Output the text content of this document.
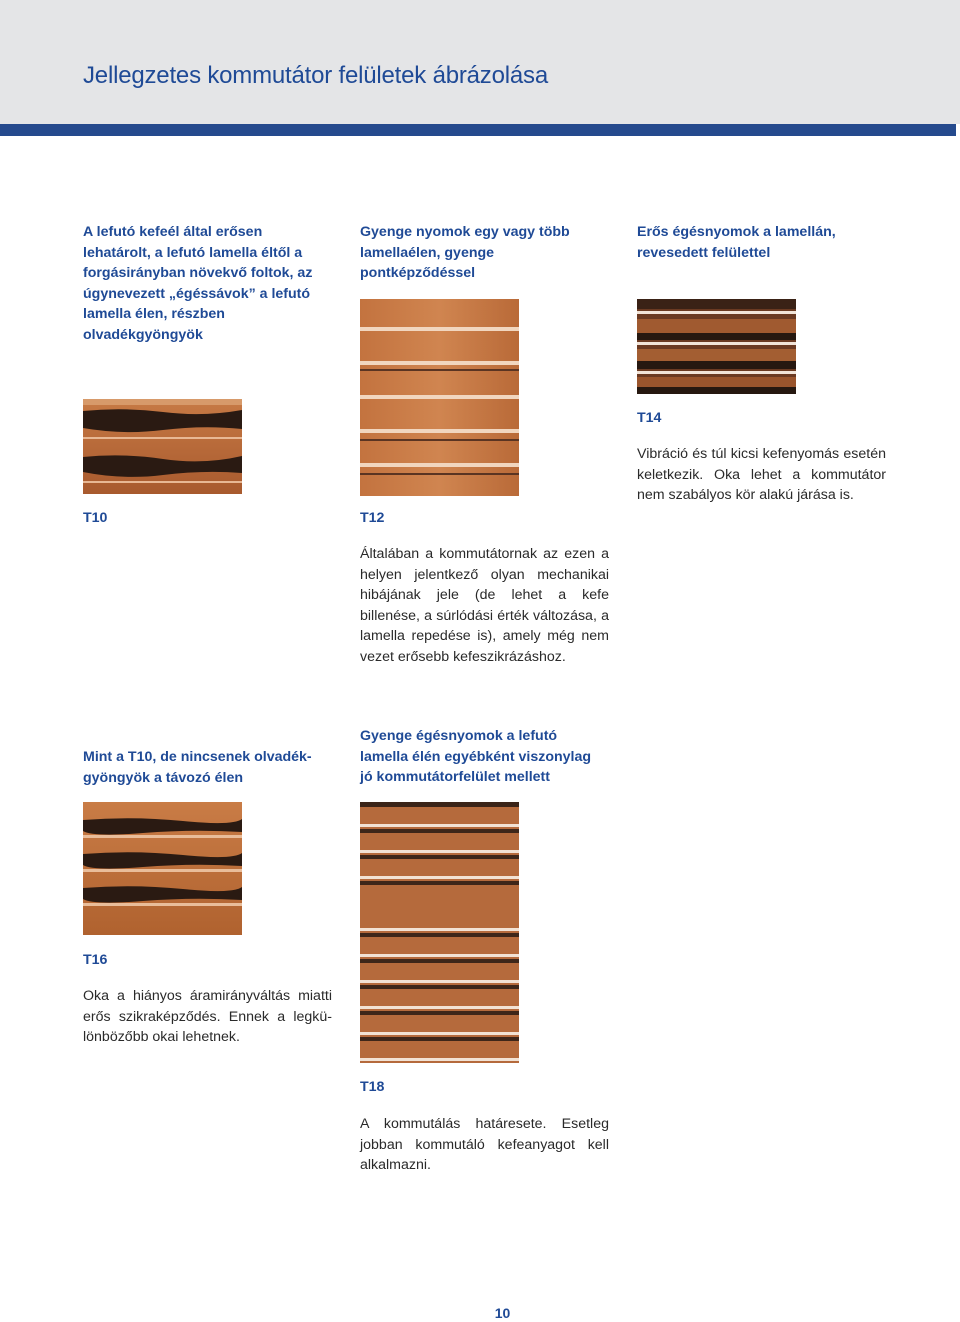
Jellegzetes kommutátor felületek ábrázolása
A lefutó kefeél által erősen
lehatárolt, a lefutó lamella éltől a
forgásirányban növekvő foltok, az
úgynevezett „égéssávok” a lefutó
lamella élen, részben
olvadékgyöngyök
T10
Gyenge nyomok egy vagy több
lamellaélen, gyenge
pontképződéssel
T12

Általában a kommutátornak az ezen a helyen jelentkező olyan mechanikai hibájának jele (de lehet a kefe billenése, a súrlódási érték változása, a lamella repedése is), amely még nem vezet erősebb kefeszikrázáshoz.

Erős égésnyomok a lamellán,
revesedett felülettel
T14

Vibráció és túl kicsi kefenyomás esetén keletkezik. Oka lehet a kommutátor nem szabályos kör alakú járása is.

Mint a T10, de nincsenek olvadék-
gyöngyök a távozó élen
T16

Oka a hiányos áramirányváltás miatti erős szikraképződés. Ennek a legkü-lönbözőbb okai lehetnek.

Gyenge égésnyomok a lefutó
lamella élén egyébként viszonylag
jó kommutátorfelület mellett
T18

A kommutálás határesete. Esetleg jobban kommutáló kefeanyagot kell alkalmazni.

10
